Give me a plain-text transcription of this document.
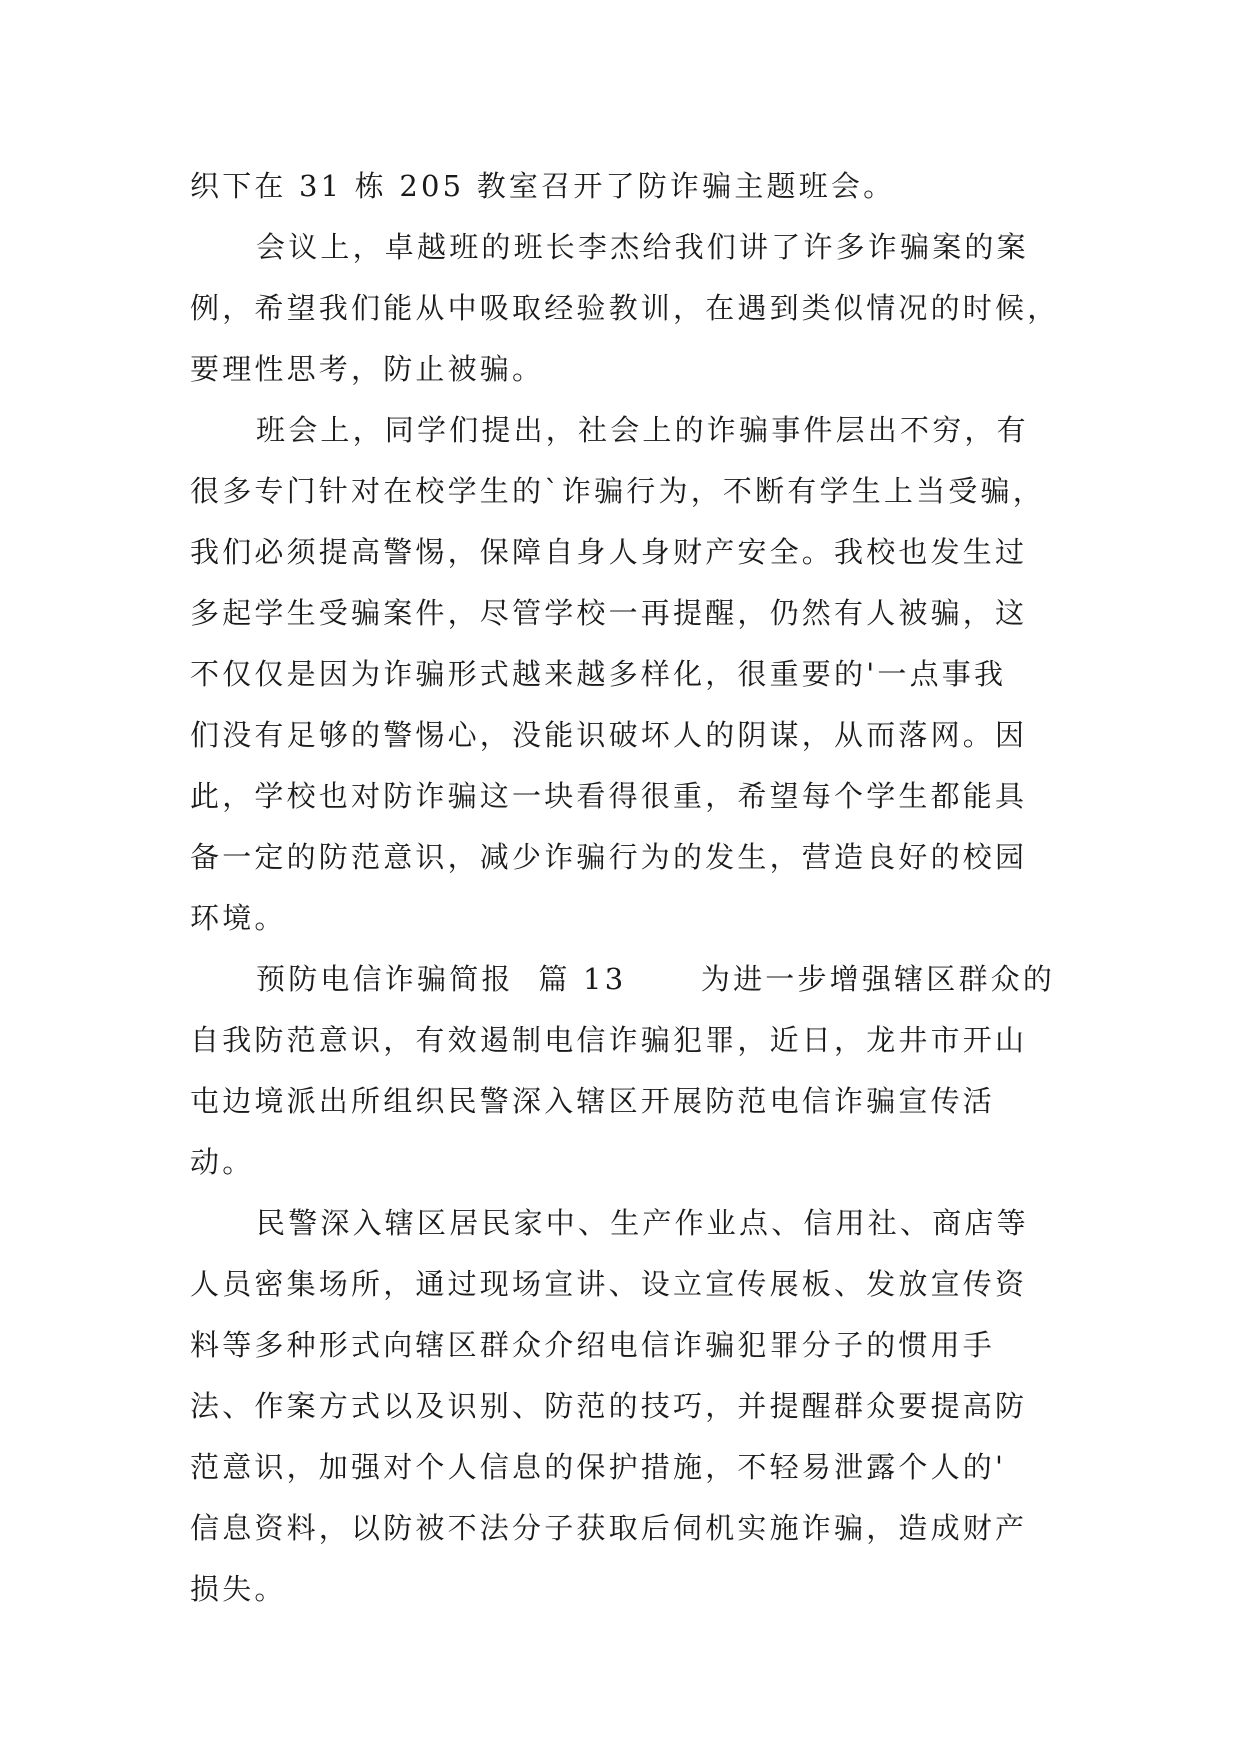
织下在 31 栋 205 教室召开了防诈骗主题班会。
会议上，卓越班的班长李杰给我们讲了许多诈骗案的案
例，希望我们能从中吸取经验教训，在遇到类似情况的时候，
要理性思考，防止被骗。
班会上，同学们提出，社会上的诈骗事件层出不穷，有
很多专门针对在校学生的`诈骗行为，不断有学生上当受骗，
我们必须提高警惕，保障自身人身财产安全。我校也发生过
多起学生受骗案件，尽管学校一再提醒，仍然有人被骗，这
不仅仅是因为诈骗形式越来越多样化，很重要的'一点事我
们没有足够的警惕心，没能识破坏人的阴谋，从而落网。因
此，学校也对防诈骗这一块看得很重，希望每个学生都能具
备一定的防范意识，减少诈骗行为的发生，营造良好的校园
环境。
预防电信诈骗简报  篇 13      为进一步增强辖区群众的
自我防范意识，有效遏制电信诈骗犯罪，近日，龙井市开山
屯边境派出所组织民警深入辖区开展防范电信诈骗宣传活
动。
民警深入辖区居民家中、生产作业点、信用社、商店等
人员密集场所，通过现场宣讲、设立宣传展板、发放宣传资
料等多种形式向辖区群众介绍电信诈骗犯罪分子的惯用手
法、作案方式以及识别、防范的技巧，并提醒群众要提高防
范意识，加强对个人信息的保护措施，不轻易泄露个人的'
信息资料，以防被不法分子获取后伺机实施诈骗，造成财产
损失。
